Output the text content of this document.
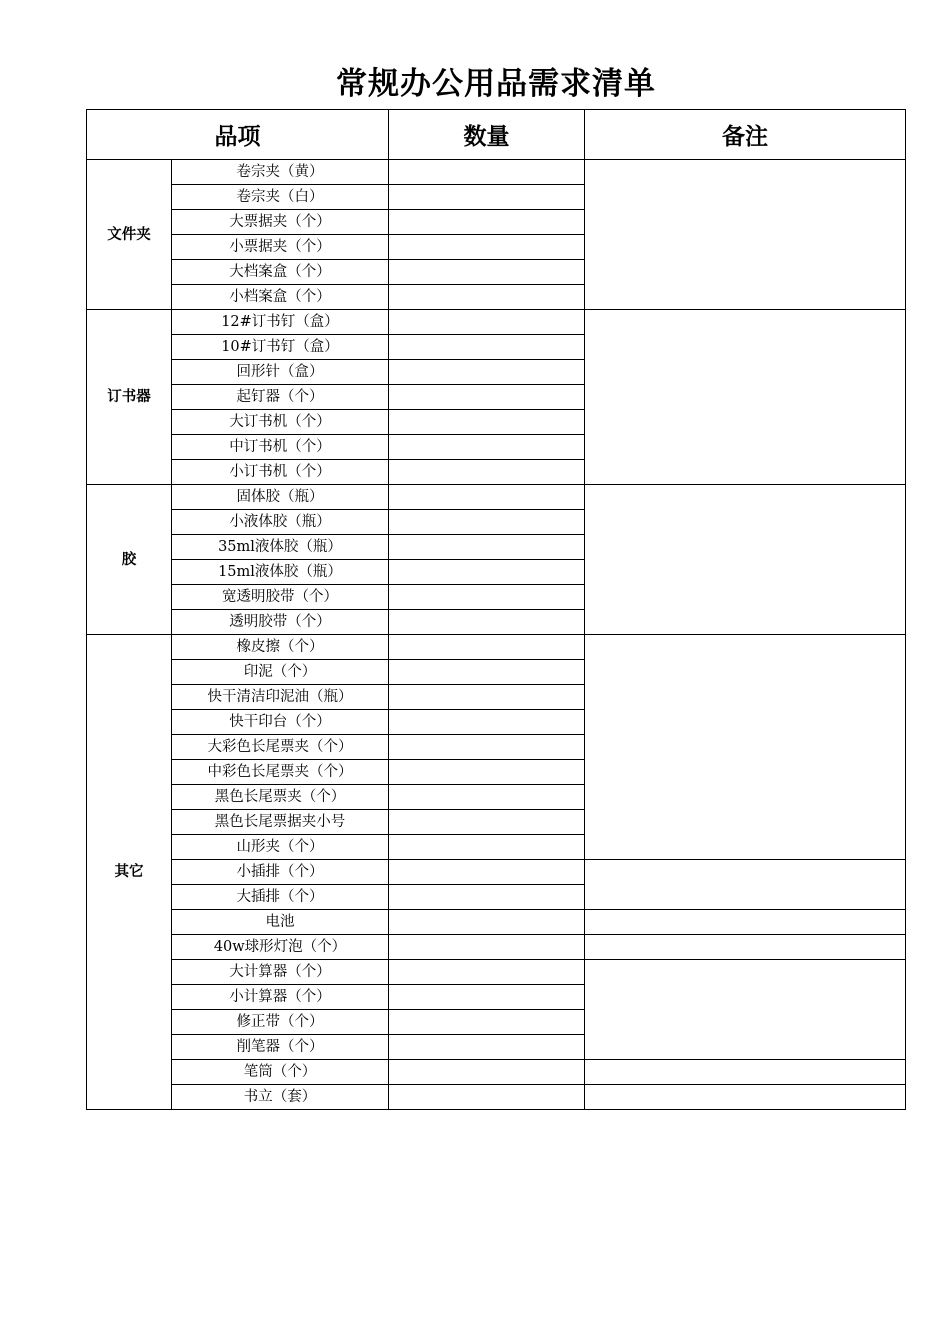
常规办公用品需求清单
品项		数量	备注
文件夹	卷宗夹（黄）		
	卷宗夹（白）		
	大票据夹（个）		
	小票据夹（个）		
	大档案盒（个）		
	小档案盒（个）		
订书器	12#订书钉（盒）		
	10#订书钉（盒）		
	回形针（盒）		
	起钉器（个）		
	大订书机（个）		
	中订书机（个）		
	小订书机（个）		
胶	固体胶（瓶）		
	小液体胶（瓶）		
	35ml液体胶（瓶）		
	15ml液体胶（瓶）		
	宽透明胶带（个）		
	透明胶带（个）		
其它	橡皮擦（个）		
	印泥（个）		
	快干清洁印泥油（瓶）		
	快干印台（个）		
	大彩色长尾票夹（个）		
	中彩色长尾票夹（个）		
	黑色长尾票夹（个）		
	黑色长尾票据夹小号		
	山形夹（个）		
	小插排（个）		
	大插排（个）		
	电池		
	40w球形灯泡（个）		
	大计算器（个）		
	小计算器（个）		
	修正带（个）		
	削笔器（个）		
	笔筒（个）		
	书立（套）		
